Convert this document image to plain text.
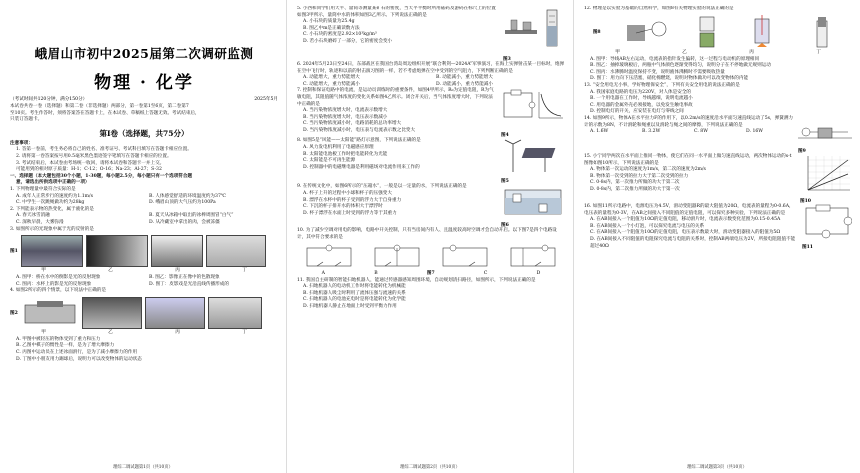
峨眉山市初中2025届第二次调研监测
物理 · 化学
（考试时间共120分钟，满分150分）	2025年5月

本试卷共卷一卷（选择题）和第二卷（非选择题）两部分，第一卷第1至6页，第二卷第7

至10页。考生作答时，须将答案答在答题卡上，在本试卷、草稿纸上答题无效。考试结束后，

只装订答题卡。

第Ⅰ卷（选择题，共75分）

注意事项：

1. 答第一卷前，考生务必将自己的姓名、准考证号、考试科目填写在答题卡相应位置。

2. 请将第一卷答案按号用0.5毫米黑色墨迹签字笔填写在答题卡相应的位置。

3. 考试结束后，本试卷由考场统一收回，请将本试卷和答题卡一并上交。

可能用到的相对原子质量：H-1；C-12；O-16；Na-23；Al-27；S-32

一、选择题（本大题包括30个小题，1-30题，每小题2.5分，每小题只有一个选项符合题

意，请选出所供选项中正确的一项）

1. 下列物理量中最符合实际的是

A. 成年人正常步行的速度约为1.1m/s	B. 人体感觉舒适的环境温度约为37℃
C. 中学生一次跳绳做功约为28kg	D. 峨眉山顶的大气压约为100Pa

2. 下列能表示物的热变化，属于液化的是

A. 春天冰雪消融	B. 夏天从冰箱中取出的冰棒周围冒“白气”
C. 深秋早晨，大雾弥漫	D. 从冷藏室中拿出的肉，会被冻僵

3. 如图所示的光现象中属于光的反射的是

图1
甲	乙	丙	丁
A. 图甲：桥在水中的倒影是光的反射现象	B. 图乙：影像正在像中的色散现象
C. 图丙：水杯上的影是光的反射现象	D. 图丁：皮影戏是光沿直线传播形成的

4. 如图2所示的四个情景，以下说法中正确的是

图2
甲	乙	丙	丁

A. 甲图中被轻压的物体受到了重力和压力

B. 乙图中棋子的惯性是一样，是为了增大摩擦力

C. 丙图中运动员在上述冰面滑行，是为了减小摩擦力的作用

D. 丁图中小朋友用力踢球后，说明力可以改变物体的运动状态

理综二调试题第1页（共10页）

5. 小西和同学们用天平、量筒等测量某矿石的密度，当天平平衡时所用砝码及游码在标尺上的位置如图3甲所示，量筒中水的体积如图3乙所示。下列说法正确的是

A. 小石块的质量为25.4g

B. 图乙中m是正确读数方法

C. 小石块的密度是2.92×10³kg/m³

D. 若小石块磨碎了一部分，它的密度会变小

图3

6. 2024年5月23日至24日，东部战区在我国台湾岛周边组织开展“联合利剑—2024A”军事演习，在海上实弹射击某一目标时，炮弹在空中飞行时，轨迹和以前的射击演习图的一样，若不考虑炮弹在空中受到的空气阻力，下列判断正确的是

A. 动能增大，重力势能增大	B. 动能减小，重力势能增大
C. 动能增大，重力势能减小	D. 动能减小，重力势能减小

7. 控制和保证电路中的电流，是运动员训练时的重要条件，如图4甲所示，R₀为定值电阻，R为气敏电阻，其阻值随气体浓度的变化关系如图4乙所示。闭合开关后，当气体浓度增大时，下列说法中正确的是

A. 当污染物浓度增大时，电流表示数增大

B. 当污染物浓度增大时，电压表示数减小

C. 当污染物浓度减小时，电路消耗的总功率增大

D. 当污染物浓度减小时，电压表与电流表示数之比变大

图4

8. 如图5是“风能——太阳能”路灯示意图，下列说法正确的是

A. 风力发电机利用了电磁感应原理

B. 太阳能电池板工作时把电能转化为光能

C. 太阳能是不可再生能源

D. 控制器中的电磁继电器是利用磁场对电流作用来工作的

图5

9. 在传统文化中，如图6所示的“压箱水”，一般是以一定量的水，下列说法正确的是

A. 杯子上升的过程中小球和杯子的压强变大

B. 漂浮在水杯中的杯子受到的浮力大于自身重力

C. 下沉的杯子排开水的体积大于漂浮时

D. 杯子漂浮在水面上时受到的浮力等于其重力

图6

10. 为了减少空调对用电的影响，电路中开关控制，只有当房间内有人、且温度较高时空调才会自动开启。以下图7是四个电路设计，其中符合要求的是

A	B	图7	C	D

11. 我国自主研制的智能扫地机器人，能通过传感器感知周围环境，自动规划清扫路径，如图所示，下列说法正确的是

A. 扫地机器人的电动机工作时将电能转化为机械能

B. 扫地机器人吸尘时利用了流体压强与流速的关系

C. 扫地机器人的电池充电时是将电能转化为化学能

D. 扫地机器人静止在地面上时受到平衡力作用

理综二调试题第2页（共10页）

12. 物理是以实验为基础的自然科学，如图8有关物理实验的说法正确的是

图8
甲	乙	丙	丁

A. 图甲：导线AB左右运动，电流表的指针发生偏转，这一过程与电动机的原理相同

B. 图乙：抽掉玻璃板后，两瓶中气体颜色逐渐变得均匀，说明分子在不停地做无规则运动

C. 图丙：水沸腾时温度保持不变，说明液体沸腾时不需要吸收热量

D. 图丁：用力向下压活塞，硝化棉燃烧，说明对物体做功可以改变物体的内能

13. “安全用电无小事，学好物理保安全”，下列有关安全用电的说法正确的是

A. 我国家庭电路的电压为220V，对人体是安全的

B. 一个用电器在工作时，导线越细，说明电流越小

C. 用电器的金属外壳必须接地，以免发生触电事故

D. 控制电灯的开关，应安装在电灯与零线之间

14. 如图9所示，物体A在水平拉力F的作用下，以0.2m/s的速度沿水平面匀速直线运动了5s，弹簧测力计的示数为8N，不计滑轮和绳重以及滑轮与绳之间的摩擦，下列说法正确的是

A. 1.6W	B. 3.2W	C. 8W	D. 16W
图9

15. 小宁同学两次在水平面上推同一物体，使它们在同一水平面上做匀速直线运动，两次物体运动的s-t图像如图10所示，下列说法正确的是

A. 物体第一次运动的速度为1m/s，第二次的速度为2m/s

B. 物体第一次受到的拉力大于第二次受到的拉力

C. 0-8s内，第一次推力所做的功大于第二次

D. 0-8s内，第二次推力所做的功大于第一次

图10

16. 如图11所示电路中，电源电压为4.5V，滑动变阻器R的最大阻值为20Ω，电流表的量程为0-0.6A，电压表的量程为0-3V，在AB之间接入不同阻值的定值电阻，可以探究多种实验，下列说法正确的是

A. 在AB间接入一个阻值为10Ω的定值电阻，移动滑片时，电流表示数变化范围为0.15-0.45A

B. 在AB间接入一个小灯泡，可以探究电流与电压的关系

C. 在AB间接入一个阻值为10Ω的定值电阻，电压表示数最大时，滑动变阻器接入的阻值为5Ω

D. 在AB间接入不同阻值的电阻探究电流与电阻的关系时，控制AB两端电压为2V，所接电阻阻值不能超过40Ω	图11
理综二调试题第3页（共10页）
